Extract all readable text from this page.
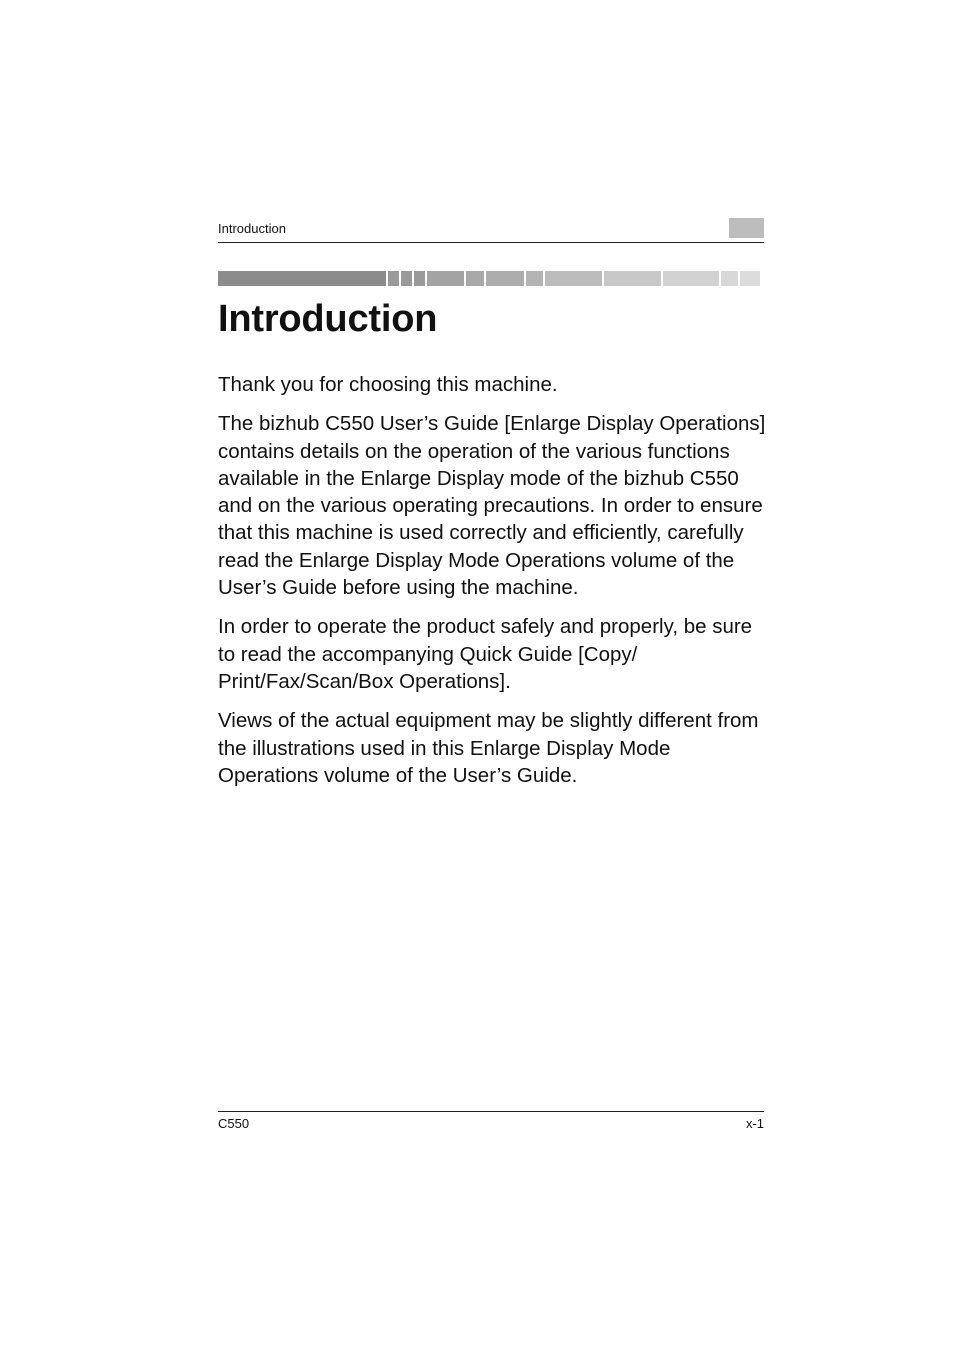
Introduction
Introduction

Thank you for choosing this machine.

The bizhub C550 User’s Guide [Enlarge Display Operations] contains details on the operation of the various functions available in the Enlarge Display mode of the bizhub C550 and on the various operating precautions. In order to ensure that this machine is used correctly and efficiently, carefully read the Enlarge Display Mode Operations volume of the User’s Guide before using the machine.

In order to operate the product safely and properly, be sure to read the accompanying Quick Guide [Copy/ Print/Fax/Scan/Box Operations].

Views of the actual equipment may be slightly different from the illustrations used in this Enlarge Display Mode Operations volume of the User’s Guide.

C550	x-1
